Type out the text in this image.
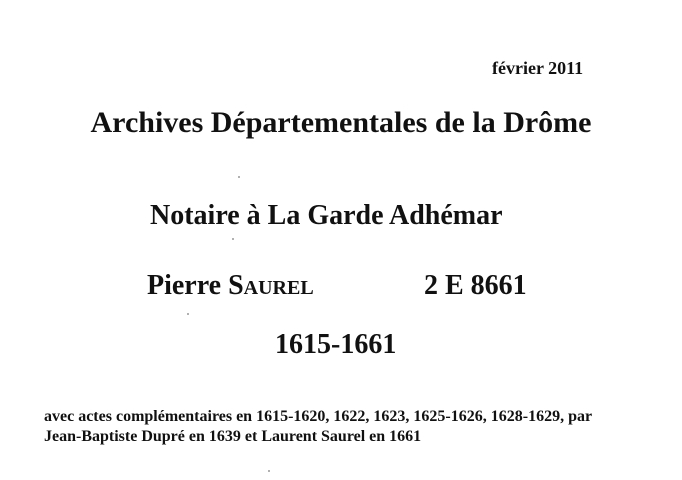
février 2011
Archives Départementales de la Drôme
Notaire à La Garde Adhémar
Pierre Saurel	2 E 8661
1615-1661
avec actes complémentaires en 1615-1620, 1622, 1623, 1625-1626, 1628-1629, par
Jean-Baptiste Dupré en 1639 et Laurent Saurel en 1661
